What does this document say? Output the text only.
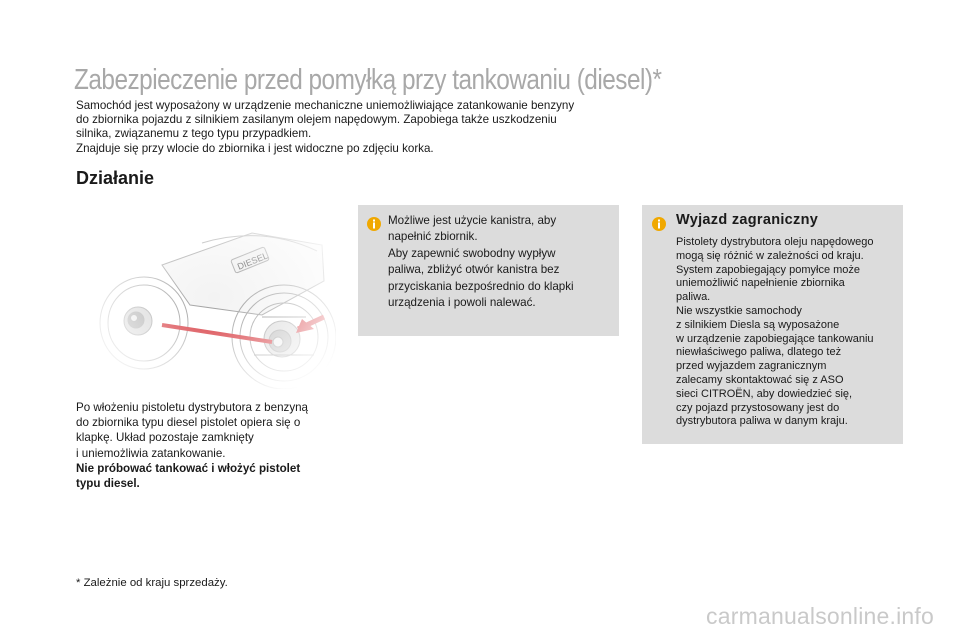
Zabezpieczenie przed pomyłką przy tankowaniu (diesel)*

Samochód jest wyposażony w urządzenie mechaniczne uniemożliwiające zatankowanie benzyny

do zbiornika pojazdu z silnikiem zasilanym olejem napędowym. Zapobiega także uszkodzeniu

silnika, związanemu z tego typu przypadkiem.

Znajduje się przy wlocie do zbiornika i jest widoczne po zdjęciu korka.

Działanie
Po włożeniu pistoletu dystrybutora z benzyną
do zbiornika typu diesel pistolet opiera się o
klapkę. Układ pozostaje zamknięty
i uniemożliwia zatankowanie.
Nie próbować tankować i włożyć pistolet
typu diesel.
Możliwe jest użycie kanistra, aby
napełnić zbiornik.
Aby zapewnić swobodny wypływ
paliwa, zbliżyć otwór kanistra bez
przyciskania bezpośrednio do klapki
urządzenia i powoli nalewać.
Wyjazd zagraniczny
Pistolety dystrybutora oleju napędowego
mogą się różnić w zależności od kraju.
System zapobiegający pomyłce może
uniemożliwić napełnienie zbiornika
paliwa.
Nie wszystkie samochody
z silnikiem Diesla są wyposażone
w urządzenie zapobiegające tankowaniu
niewłaściwego paliwa, dlatego też
przed wyjazdem zagranicznym
zalecamy skontaktować się z ASO
sieci CITROËN, aby dowiedzieć się,
czy pojazd przystosowany jest do
dystrybutora paliwa w danym kraju.
* Zależnie od kraju sprzedaży.
carmanualsonline.info
